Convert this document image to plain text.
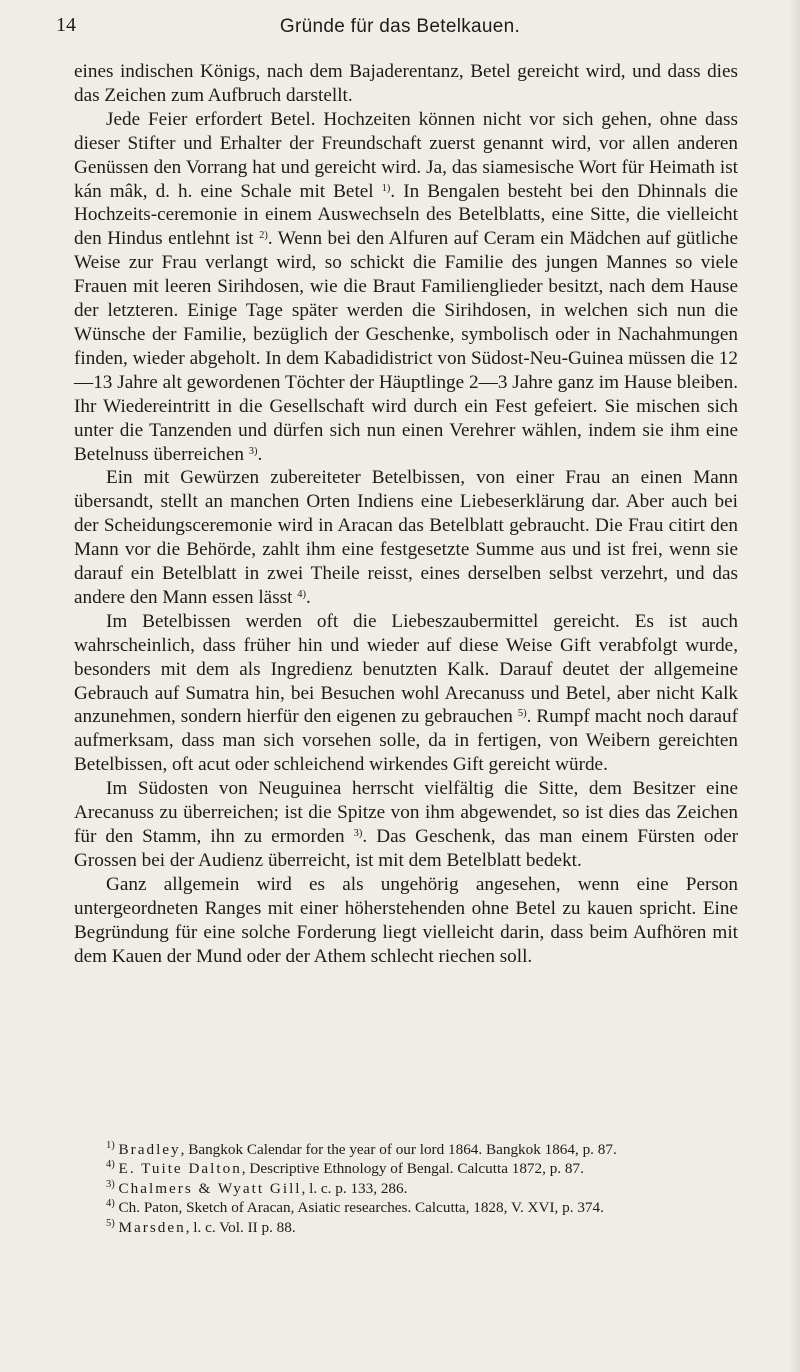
14	Gründe für das Betelkauen.

eines indischen Königs, nach dem Bajaderentanz, Betel gereicht wird, und dass dies das Zeichen zum Aufbruch darstellt.

Jede Feier erfordert Betel. Hochzeiten können nicht vor sich gehen, ohne dass dieser Stifter und Erhalter der Freundschaft zuerst genannt wird, vor allen anderen Genüssen den Vorrang hat und gereicht wird. Ja, das siamesische Wort für Heimath ist kán mâk, d. h. eine Schale mit Betel $^{1)}$. In Bengalen besteht bei den Dhinnals die Hochzeits-ceremonie in einem Auswechseln des Betelblatts, eine Sitte, die vielleicht den Hindus entlehnt ist $^{2)}$. Wenn bei den Alfuren auf Ceram ein Mädchen auf gütliche Weise zur Frau verlangt wird, so schickt die Familie des jungen Mannes so viele Frauen mit leeren Sirihdosen, wie die Braut Familienglieder besitzt, nach dem Hause der letzteren. Einige Tage später werden die Sirihdosen, in welchen sich nun die Wünsche der Familie, bezüglich der Geschenke, symbolisch oder in Nachahmungen finden, wieder abgeholt. In dem Kabadidistrict von Südost-Neu-Guinea müssen die 12—13 Jahre alt gewordenen Töchter der Häuptlinge 2—3 Jahre ganz im Hause bleiben. Ihr Wiedereintritt in die Gesellschaft wird durch ein Fest gefeiert. Sie mischen sich unter die Tanzenden und dürfen sich nun einen Verehrer wählen, indem sie ihm eine Betelnuss überreichen $^{3)}$.

Ein mit Gewürzen zubereiteter Betelbissen, von einer Frau an einen Mann übersandt, stellt an manchen Orten Indiens eine Liebeserklärung dar. Aber auch bei der Scheidungsceremonie wird in Aracan das Betelblatt gebraucht. Die Frau citirt den Mann vor die Behörde, zahlt ihm eine festgesetzte Summe aus und ist frei, wenn sie darauf ein Betelblatt in zwei Theile reisst, eines derselben selbst verzehrt, und das andere den Mann essen lässt $^{4)}$.

Im Betelbissen werden oft die Liebeszaubermittel gereicht. Es ist auch wahrscheinlich, dass früher hin und wieder auf diese Weise Gift verabfolgt wurde, besonders mit dem als Ingredienz benutzten Kalk. Darauf deutet der allgemeine Gebrauch auf Sumatra hin, bei Besuchen wohl Arecanuss und Betel, aber nicht Kalk anzunehmen, sondern hierfür den eigenen zu gebrauchen $^{5)}$. Rumpf macht noch darauf aufmerksam, dass man sich vorsehen solle, da in fertigen, von Weibern gereichten Betelbissen, oft acut oder schleichend wirkendes Gift gereicht würde.

Im Südosten von Neuguinea herrscht vielfältig die Sitte, dem Besitzer eine Arecanuss zu überreichen; ist die Spitze von ihm abgewendet, so ist dies das Zeichen für den Stamm, ihn zu ermorden $^{3)}$. Das Geschenk, das man einem Fürsten oder Grossen bei der Audienz überreicht, ist mit dem Betelblatt bedekt.

Ganz allgemein wird es als ungehörig angesehen, wenn eine Person untergeordneten Ranges mit einer höherstehenden ohne Betel zu kauen spricht. Eine Begründung für eine solche Forderung liegt vielleicht darin, dass beim Aufhören mit dem Kauen der Mund oder der Athem schlecht riechen soll.

$^{1)}$ Bradley, Bangkok Calendar for the year of our lord 1864. Bangkok 1864, p. 87.

$^{4)}$ E. Tuite Dalton, Descriptive Ethnology of Bengal. Calcutta 1872, p. 87.

$^{3)}$ Chalmers & Wyatt Gill, l. c. p. 133, 286.

$^{4)}$ Ch. Paton, Sketch of Aracan, Asiatic researches. Calcutta, 1828, V. XVI, p. 374.

$^{5)}$ Marsden, l. c. Vol. II p. 88.
